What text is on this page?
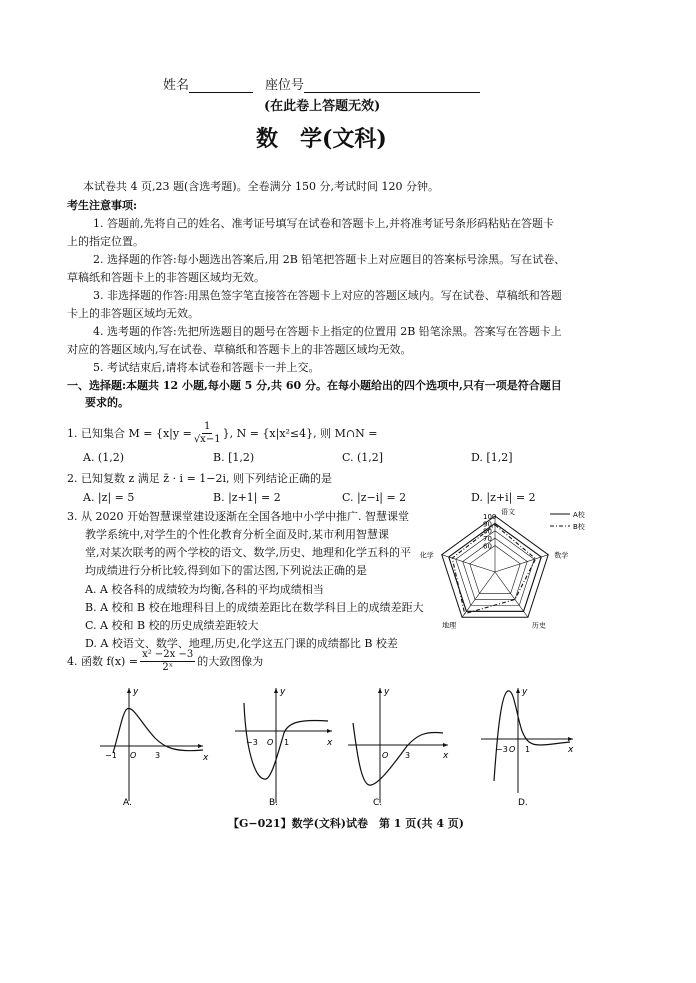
姓名	座位号
(在此卷上答题无效)
数　学(文科)
本试卷共 4 页,23 题(含选考题)。全卷满分 150 分,考试时间 120 分钟。
考生注意事项:
1. 答题前,先将自己的姓名、准考证号填写在试卷和答题卡上,并将准考证号条形码粘贴在答题卡
上的指定位置。
2. 选择题的作答:每小题选出答案后,用 2B 铅笔把答题卡上对应题目的答案标号涂黑。写在试卷、
草稿纸和答题卡上的非答题区域均无效。
3. 非选择题的作答:用黑色签字笔直接答在答题卡上对应的答题区域内。写在试卷、草稿纸和答题
卡上的非答题区域均无效。
4. 选考题的作答:先把所选题目的题号在答题卡上指定的位置用 2B 铅笔涂黑。答案写在答题卡上
对应的答题区域内,写在试卷、草稿纸和答题卡上的非答题区域均无效。
5. 考试结束后,请将本试卷和答题卡一并上交。
一、选择题:本题共 12 小题,每小题 5 分,共 60 分。在每小题给出的四个选项中,只有一项是符合题目
要求的。
1. 已知集合 $M = \{x|y = \frac{1}{√x-1}$ }, N = {x|x²≤4}, 则 M∩N =
A. (1,2)	B. [1,2)	C. (1,2]	D. [1,2]
2. 已知复数 z 满足 z̄ · i = 1−2i, 则下列结论正确的是
A. |z| = 5	B. |z+1| = 2	C. |z−i| = 2	D. |z+i| = 2
3. 从 2020 开始智慧课堂建设逐渐在全国各地中小学中推广. 智慧课堂
教学系统中,对学生的个性化教育分析全面及时,某市利用智慧课
堂,对某次联考的两个学校的语文、数学,历史、地理和化学五科的平
均成绩进行分析比较,得到如下的雷达图,下列说法正确的是
A. A 校各科的成绩较为均衡,各科的平均成绩相当
B. A 校和 B 校在地理科目上的成绩差距比在数学科目上的成绩差距大
C. A 校和 B 校的历史成绩差距较大
D. A 校语文、数学、地理,历史,化学这五门课的成绩都比 B 校差
100
90
80
70
60
语文
数学
历史
地理
化学
A校
B校
4. 函数 $f(x) = \frac{\text{x² −2x −3}}{\text{2ˣ}}$ 的大致图像为
y
x
−1 O 3
A.
y
x
−3 O 1
B.
y
x
O 3
C.
y
x
−3 O 1
D.
【G−021】数学(文科)试卷　第 1 页(共 4 页)
